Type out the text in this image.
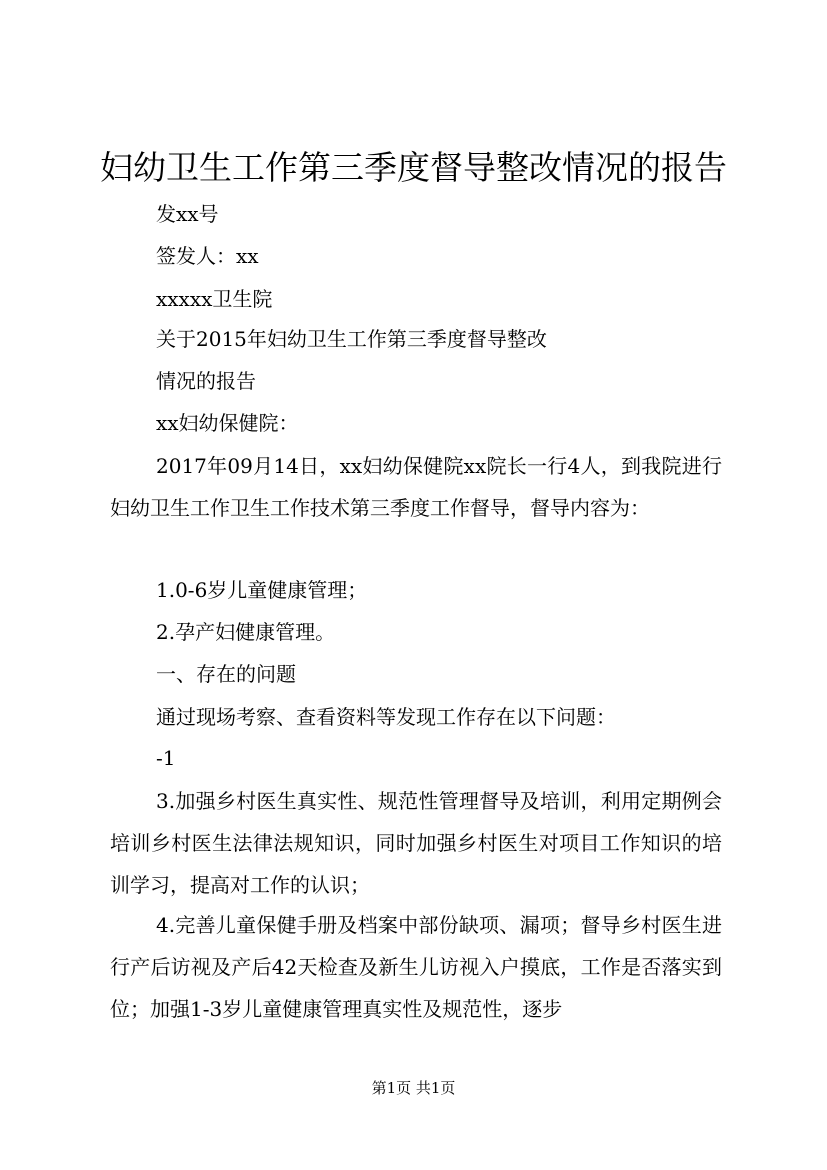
妇幼卫生工作第三季度督导整改情况的报告
发xx号
签发人：xx
xxxxx卫生院
关于2015年妇幼卫生工作第三季度督导整改
情况的报告
xx妇幼保健院：
2017年09月14日，xx妇幼保健院xx院长一行4人，到我院进行妇幼卫生工作卫生工作技术第三季度工作督导，督导内容为：
1.0-6岁儿童健康管理；
2.孕产妇健康管理。
一、存在的问题
通过现场考察、查看资料等发现工作存在以下问题：
-1
3.加强乡村医生真实性、规范性管理督导及培训，利用定期例会培训乡村医生法律法规知识，同时加强乡村医生对项目工作知识的培训学习，提高对工作的认识；
4.完善儿童保健手册及档案中部份缺项、漏项；督导乡村医生进行产后访视及产后42天检查及新生儿访视入户摸底，工作是否落实到位；加强1-3岁儿童健康管理真实性及规范性，逐步
第1页 共1页
